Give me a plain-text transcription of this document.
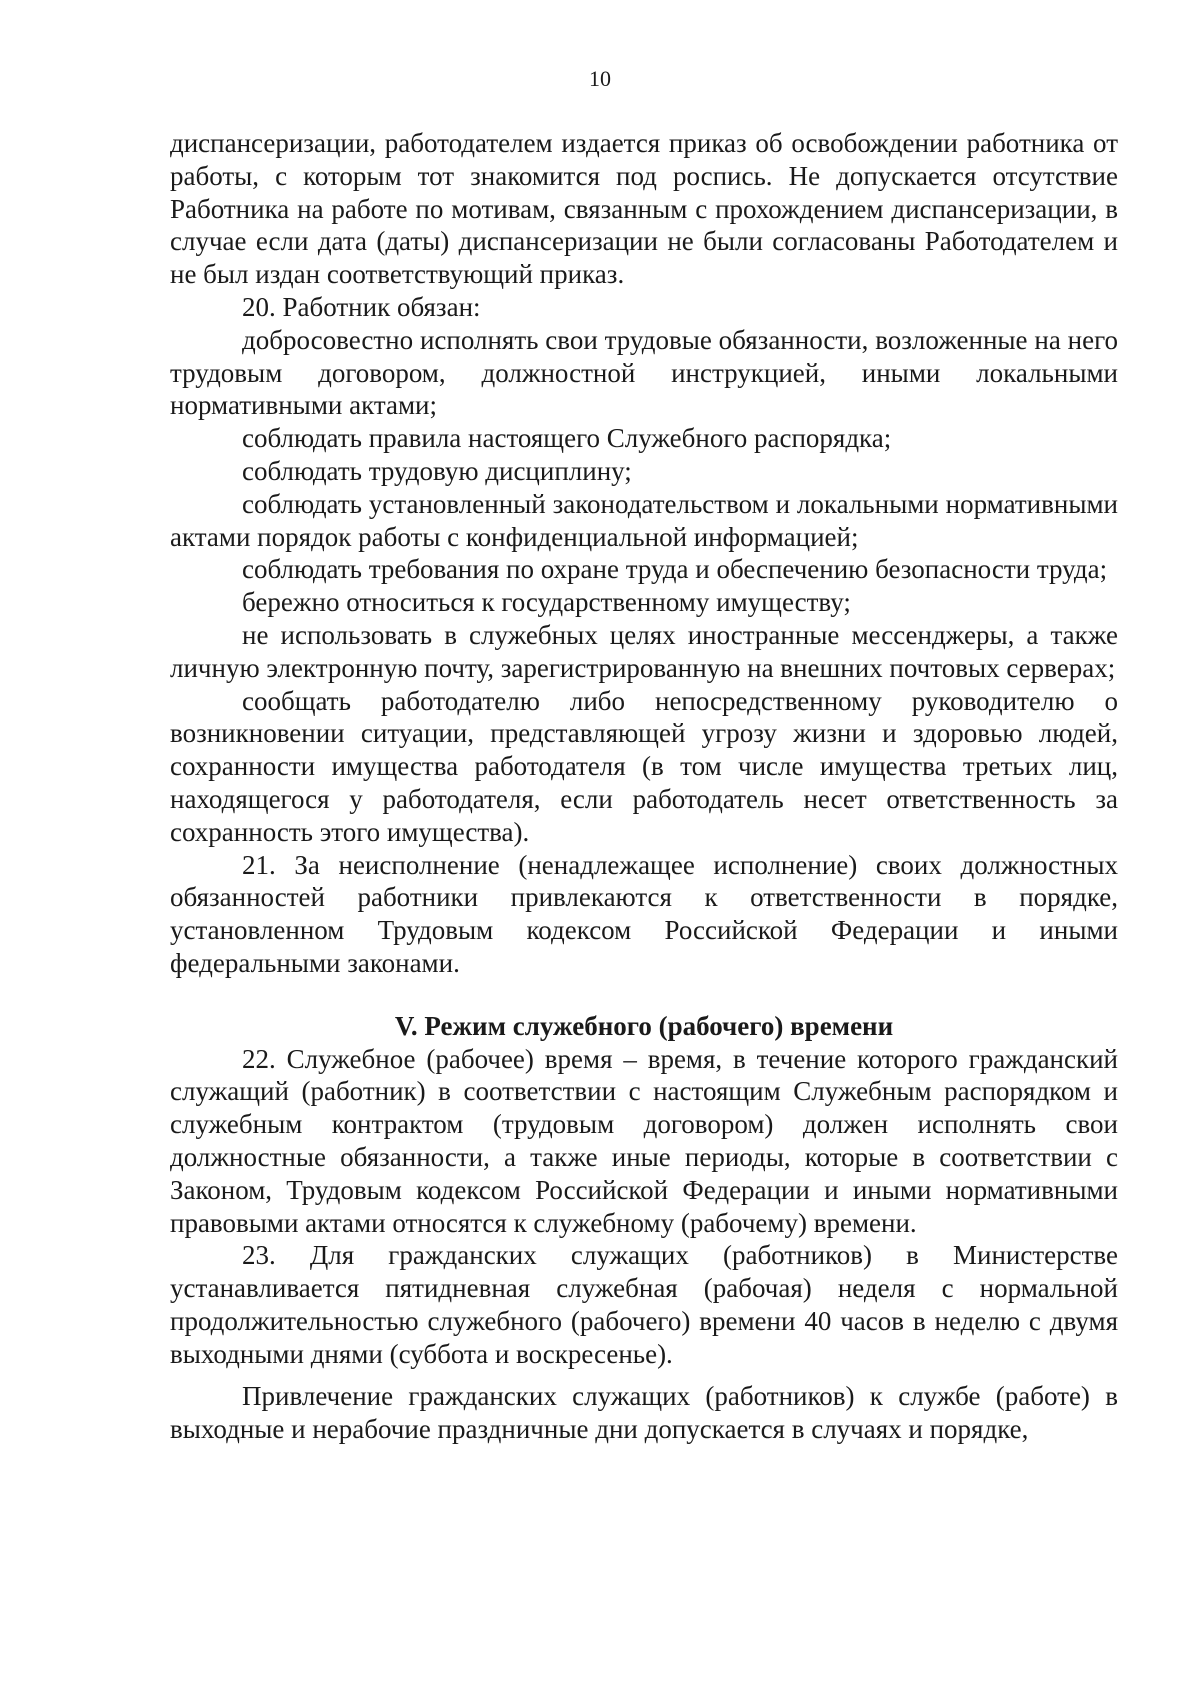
10

диспансеризации, работодателем издается приказ об освобождении работника от работы, с которым тот знакомится под роспись. Не допускается отсутствие Работника на работе по мотивам, связанным с прохождением диспансеризации, в случае если дата (даты) диспансеризации не были согласованы Работодателем и не был издан соответствующий приказ.

20. Работник обязан:

добросовестно исполнять свои трудовые обязанности, возложенные на него трудовым договором, должностной инструкцией, иными локальными нормативными актами;

соблюдать правила настоящего Служебного распорядка;

соблюдать трудовую дисциплину;

соблюдать установленный законодательством и локальными нормативными актами порядок работы с конфиденциальной информацией;

соблюдать требования по охране труда и обеспечению безопасности труда;

бережно относиться к государственному имуществу;

не использовать в служебных целях иностранные мессенджеры, а также личную электронную почту, зарегистрированную на внешних почтовых серверах;

сообщать работодателю либо непосредственному руководителю о возникновении ситуации, представляющей угрозу жизни и здоровью людей, сохранности имущества работодателя (в том числе имущества третьих лиц, находящегося у работодателя, если работодатель несет ответственность за сохранность этого имущества).

21. За неисполнение (ненадлежащее исполнение) своих должностных обязанностей работники привлекаются к ответственности в порядке, установленном Трудовым кодексом Российской Федерации и иными федеральными законами.

V. Режим служебного (рабочего) времени

22. Служебное (рабочее) время – время, в течение которого гражданский служащий (работник) в соответствии с настоящим Служебным распорядком и служебным контрактом (трудовым договором) должен исполнять свои должностные обязанности, а также иные периоды, которые в соответствии с Законом, Трудовым кодексом Российской Федерации и иными нормативными правовыми актами относятся к служебному (рабочему) времени.

23. Для гражданских служащих (работников) в Министерстве устанавливается пятидневная служебная (рабочая) неделя с нормальной продолжительностью служебного (рабочего) времени 40 часов в неделю с двумя выходными днями (суббота и воскресенье).

Привлечение гражданских служащих (работников) к службе (работе) в выходные и нерабочие праздничные дни допускается в случаях и порядке,
